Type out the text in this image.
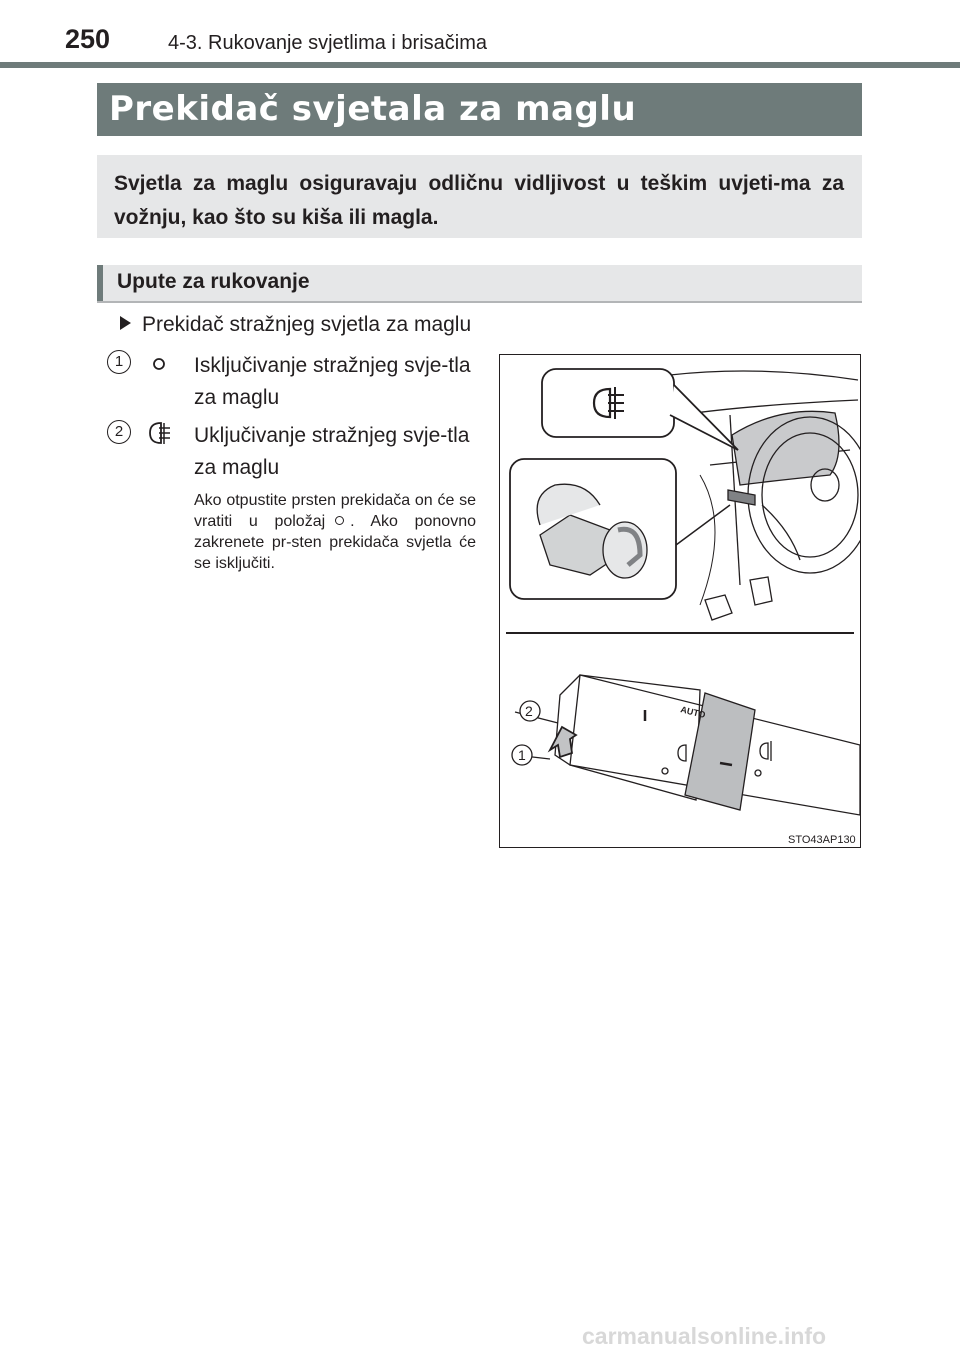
250	4-3. Rukovanje svjetlima i brisačima
Prekidač svjetala za maglu

Svjetla za maglu osiguravaju odličnu vidljivost u teškim uvjeti-ma za vožnju, kao što su kiša ili magla.

Upute za rukovanje
Prekidač stražnjeg svjetla za maglu
1	Isključivanje stražnjeg svje-tla za maglu
2	Uključivanje stražnjeg svje-tla za maglu
Ako otpustite prsten prekidača on će se vratiti u položaj . Ako ponovno zakrenete pr-sten prekidača svjetla će se isključiti.
2
1
AUTO
STO43AP130
carmanualsonline.info
